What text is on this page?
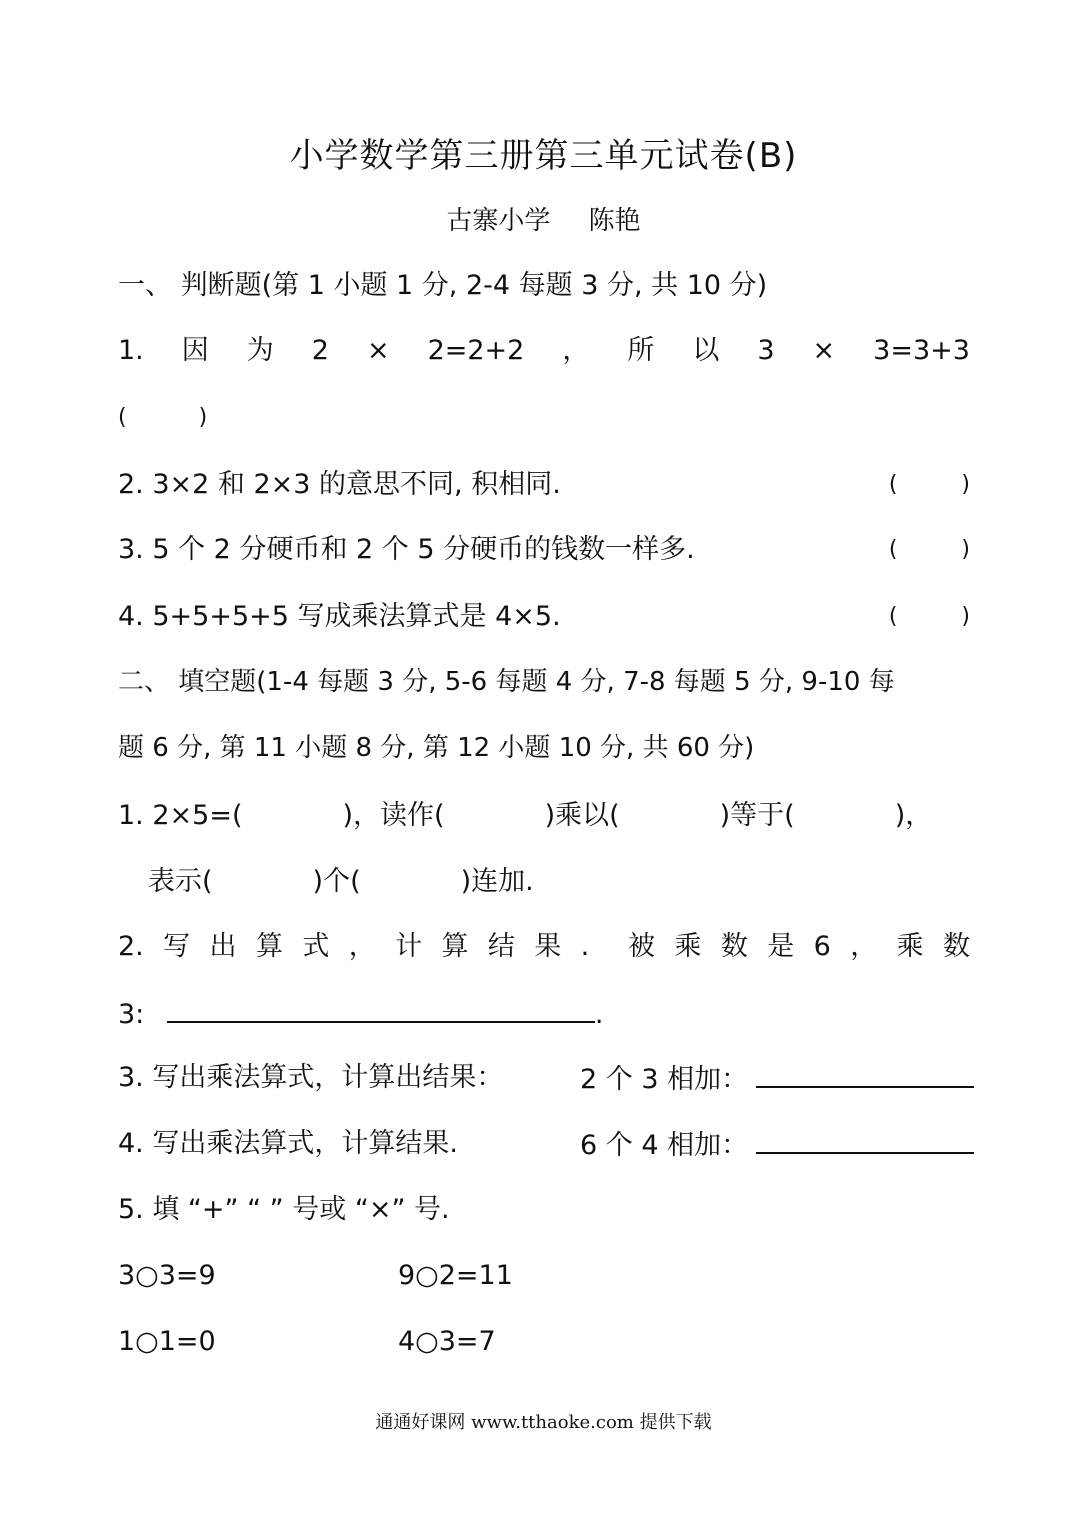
小学数学第三册第三单元试卷(B)
古寨小学 陈艳
一、 判断题(第 1 小题 1 分, 2-4 每题 3 分, 共 10 分)
1. 因 为 2 × 2=2+2 ， 所 以 3 × 3=3+3
(	)
2. 3×2 和 2×3 的意思不同, 积相同.	(	)
3. 5 个 2 分硬币和 2 个 5 分硬币的钱数一样多.	(	)
4. 5+5+5+5 写成乘法算式是 4×5.	(	)
二、 填空题(1-4 每题 3 分, 5-6 每题 4 分, 7-8 每题 5 分, 9-10 每
题 6 分, 第 11 小题 8 分, 第 12 小题 10 分, 共 60 分)
1. 2×5=(	)，读作(	)乘以(	)等于(	)，
表示(	)个(	)连加.
2. 写 出 算 式 ， 计 算 结 果 . 被 乘 数 是 6 ， 乘 数
3:	.
3. 写出乘法算式，计算出结果：	2 个 3 相加：
4. 写出乘法算式，计算结果.	6 个 4 相加：
5. 填 “+” “ ” 号或 “×” 号.
3○3=9	9○2=11
1○1=0	4○3=7
通通好课网 www.tthaoke.com 提供下载
